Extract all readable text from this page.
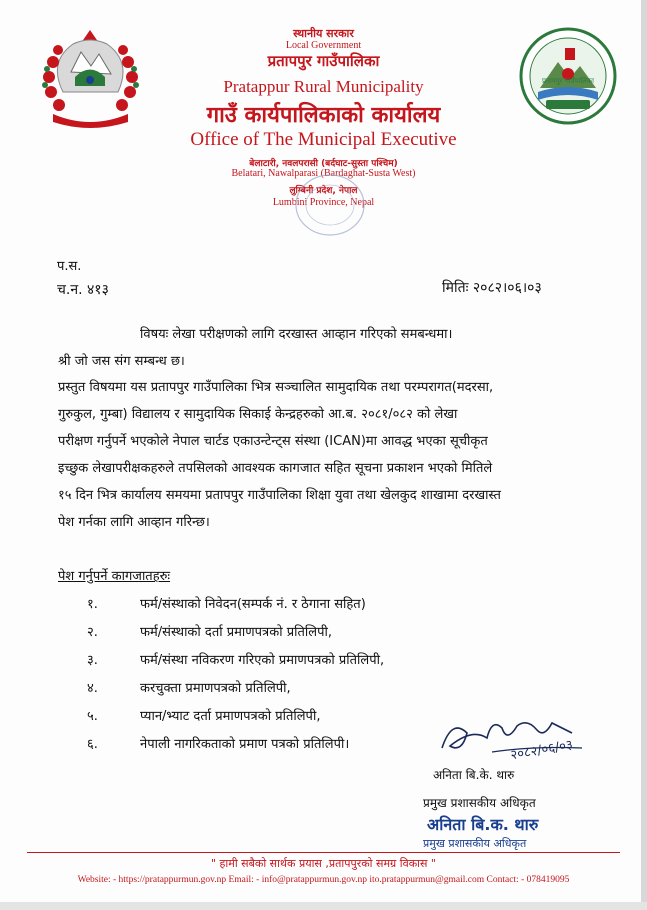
प्रतापपुर गाउँपालिका
स्थानीय सरकार
Local Government
प्रतापपुर गाउँपालिका
Pratappur Rural Municipality
गाउँ कार्यपालिकाको कार्यालय
Office of The Municipal Executive
बेलाटारी, नवलपरासी (बर्दघाट-सुस्ता पश्चिम)
Belatari, Nawalparasi (Bardaghat-Susta West)
लुम्बिनी प्रदेश, नेपाल
Lumbini Province, Nepal
प.स.
च.न. ४१३	मितिः २०८२।०६।०३
विषयः लेखा परीक्षणको लागि दरखास्त आव्हान गरिएको समबन्धमा।
श्री जो जस संग सम्बन्ध छ।
प्रस्तुत विषयमा यस प्रतापपुर गाउँपालिका भित्र सञ्चालित सामुदायिक तथा परम्परागत(मदरसा,
गुरुकुल, गुम्बा) विद्यालय र सामुदायिक सिकाई केन्द्रहरुको आ.ब. २०८१/०८२ को लेखा
परीक्षण गर्नुपर्ने भएकोले नेपाल चार्टड एकाउन्टेन्ट्स संस्था (ICAN)मा आवद्ध भएका सूचीकृत
इच्छुक लेखापरीक्षकहरुले तपसिलको आवश्यक कागजात सहित सूचना प्रकाशन भएको मितिले
१५ दिन भित्र कार्यालय समयमा प्रतापपुर गाउँपालिका शिक्षा युवा तथा खेलकुद शाखामा दरखास्त
पेश गर्नका लागि आव्हान गरिन्छ।
पेश गर्नुपर्ने कागजातहरुः
१.	फर्म/संस्थाको निवेदन(सम्पर्क नं. र ठेगाना सहित)
२.	फर्म/संस्थाको दर्ता प्रमाणपत्रको प्रतिलिपी,
३.	फर्म/संस्था नविकरण गरिएको प्रमाणपत्रको प्रतिलिपी,
४.	करचुक्ता प्रमाणपत्रको प्रतिलिपी,
५.	प्यान/भ्याट दर्ता प्रमाणपत्रको प्रतिलिपी,
६.	नेपाली नागरिकताको प्रमाण पत्रको प्रतिलिपी।	२०८२/०६/०३
अनिता बि.के. थारु
प्रमुख प्रशासकीय अधिकृत
अनिता बि.क. थारु
प्रमुख प्रशासकीय अधिकृत
" हामी सबैको सार्थक प्रयास ,प्रतापपुरको समग्र विकास "
Website: - https://pratappurmun.gov.np Email: - info@pratappurmun.gov.np ito.pratappurmun@gmail.com Contact: - 078419095
